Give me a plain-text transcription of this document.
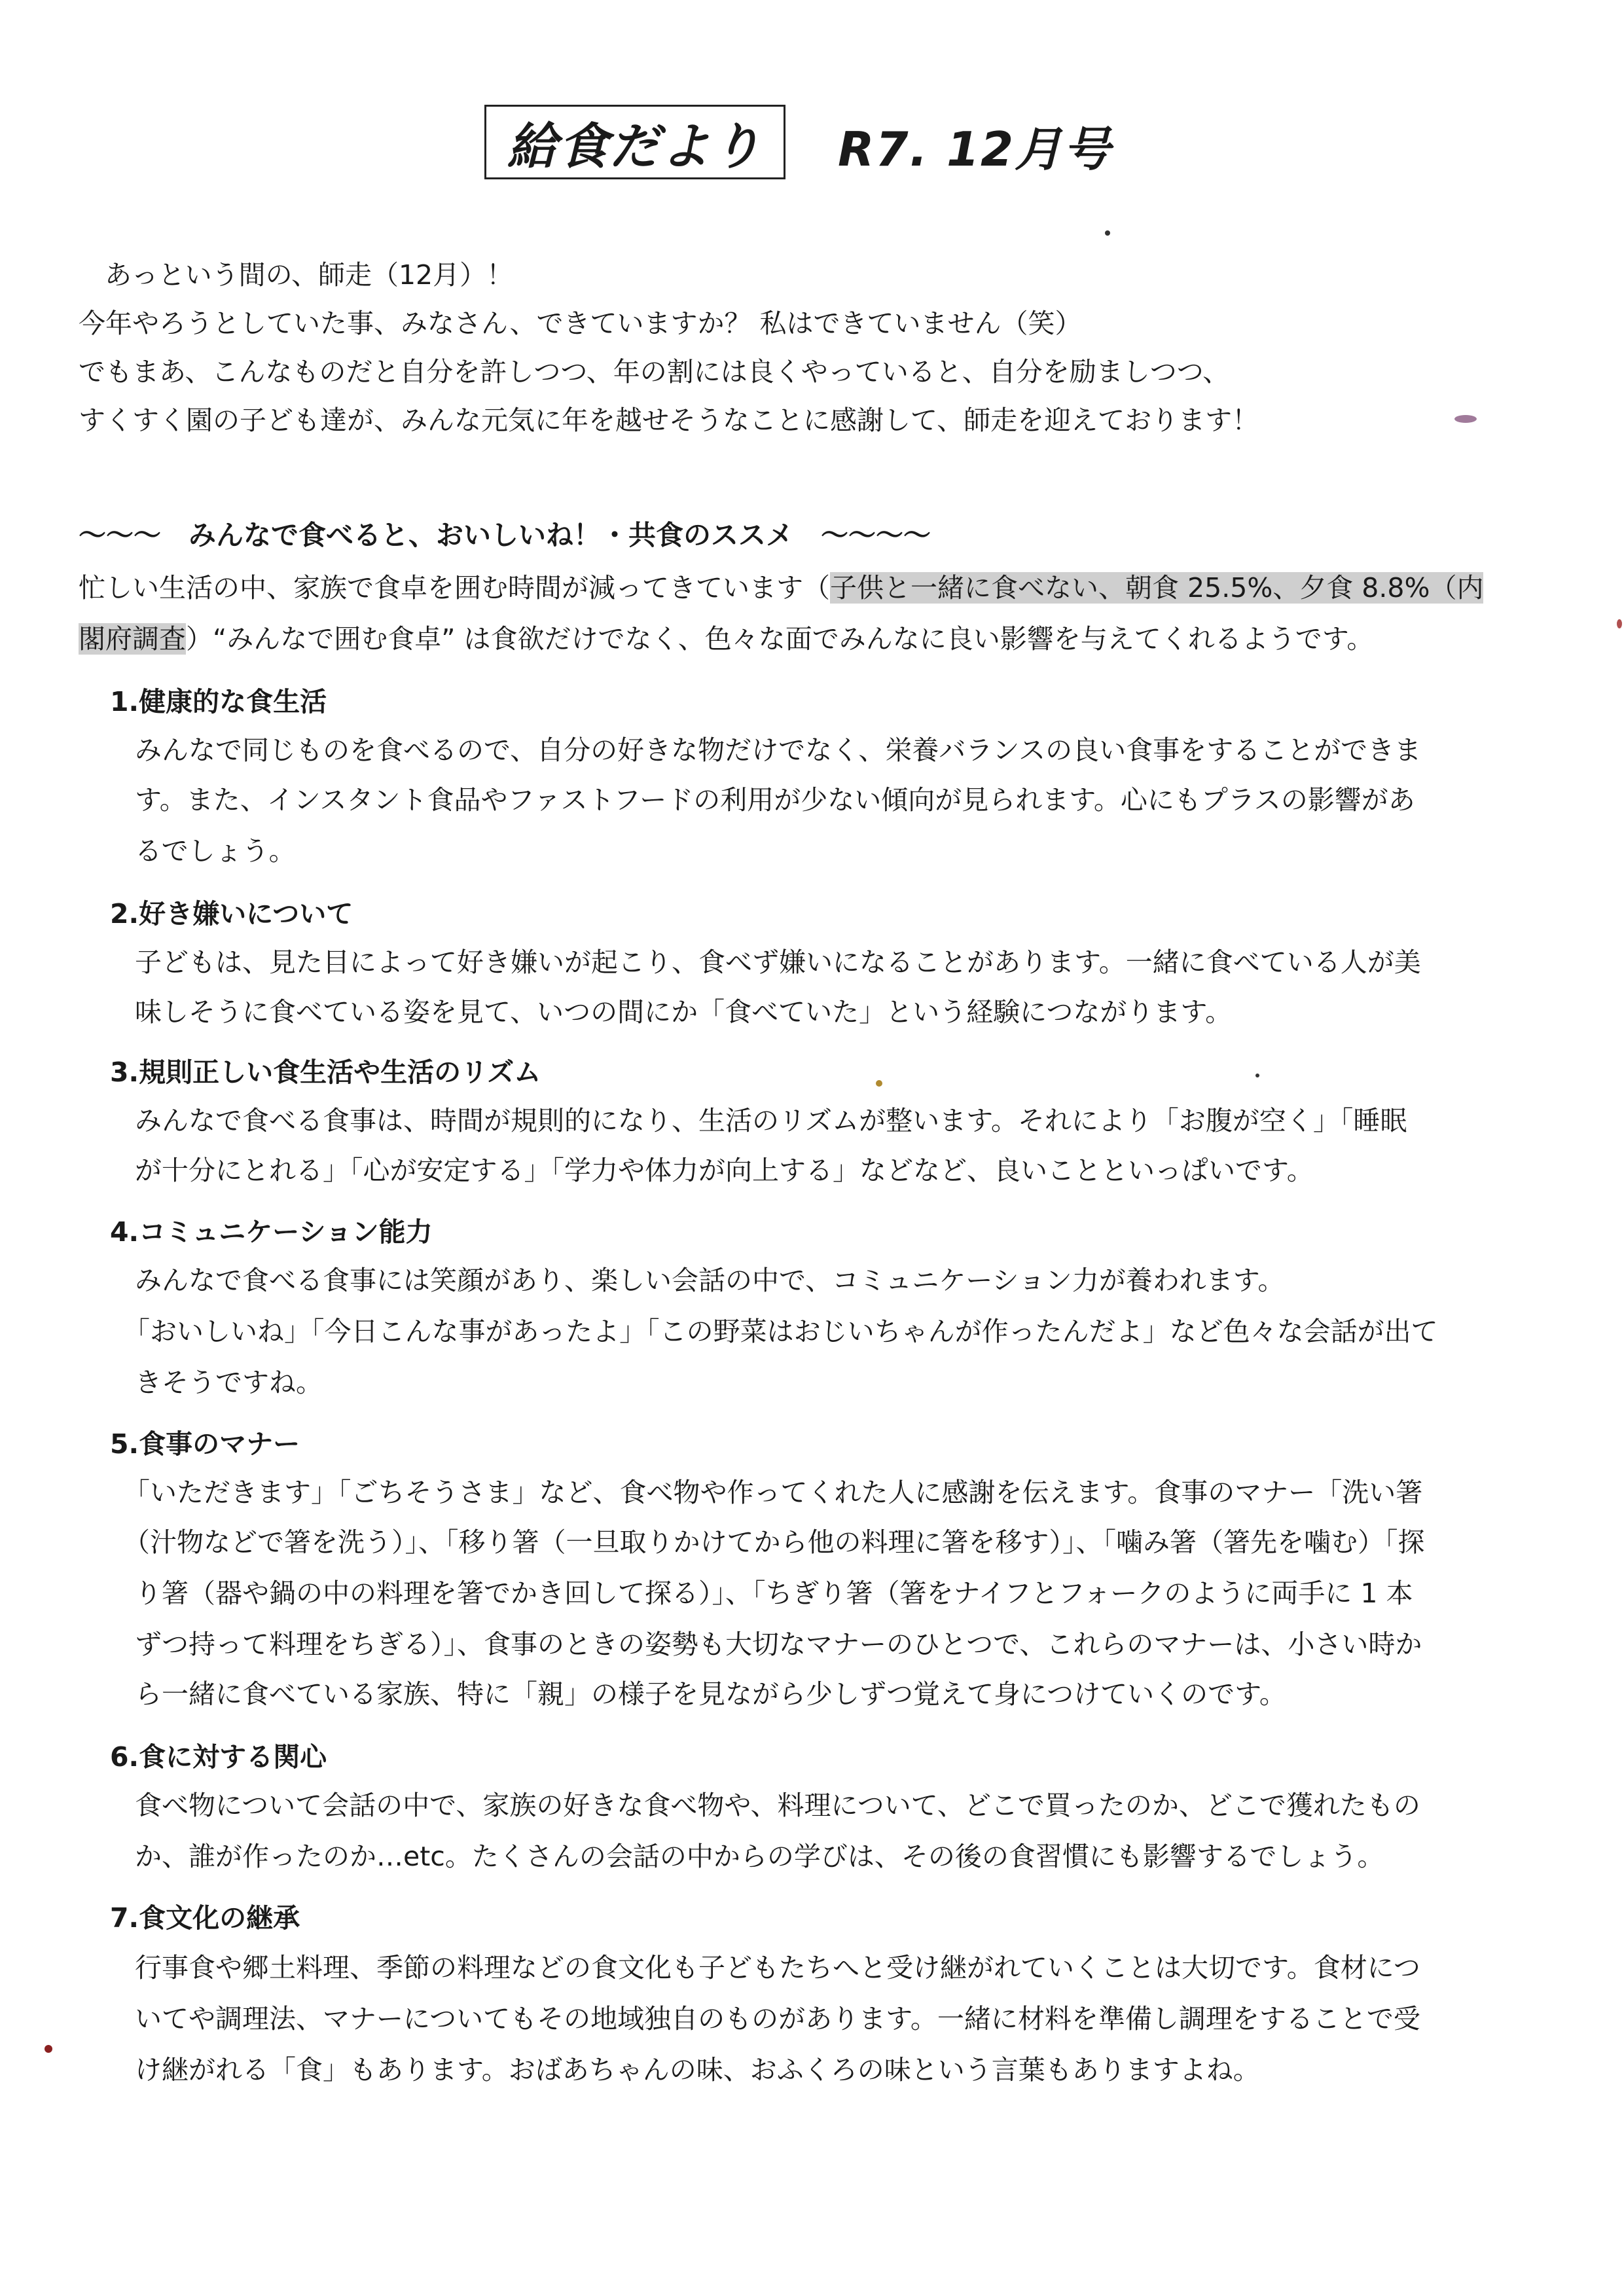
給食だより	R7. 12月号
あっという間の、師走（12月）！
今年やろうとしていた事、みなさん、できていますか？ 私はできていません（笑）
でもまあ、こんなものだと自分を許しつつ、年の割には良くやっていると、自分を励ましつつ、
すくすく園の子ども達が、みんな元気に年を越せそうなことに感謝して、師走を迎えております！
～～～　みんなで食べると、おいしいね！・共食のススメ　～～～～
忙しい生活の中、家族で食卓を囲む時間が減ってきています（子供と一緒に食べない、朝食 25.5%、夕食 8.8%（内
閣府調査）“みんなで囲む食卓” は食欲だけでなく、色々な面でみんなに良い影響を与えてくれるようです。
1.健康的な食生活
みんなで同じものを食べるので、自分の好きな物だけでなく、栄養バランスの良い食事をすることができま
す。また、インスタント食品やファストフードの利用が少ない傾向が見られます。心にもプラスの影響があ
るでしょう。
2.好き嫌いについて
子どもは、見た目によって好き嫌いが起こり、食べず嫌いになることがあります。一緒に食べている人が美
味しそうに食べている姿を見て、いつの間にか「食べていた」という経験につながります。
3.規則正しい食生活や生活のリズム
みんなで食べる食事は、時間が規則的になり、生活のリズムが整います。それにより「お腹が空く」「睡眠
が十分にとれる」「心が安定する」「学力や体力が向上する」などなど、良いことといっぱいです。
4.コミュニケーション能力
みんなで食べる食事には笑顔があり、楽しい会話の中で、コミュニケーション力が養われます。
「おいしいね」「今日こんな事があったよ」「この野菜はおじいちゃんが作ったんだよ」など色々な会話が出て
きそうですね。
5.食事のマナー
「いただきます」「ごちそうさま」など、食べ物や作ってくれた人に感謝を伝えます。食事のマナー「洗い箸
（汁物などで箸を洗う）」、「移り箸（一旦取りかけてから他の料理に箸を移す）」、「噛み箸（箸先を噛む）「探
り箸（器や鍋の中の料理を箸でかき回して探る）」、「ちぎり箸（箸をナイフとフォークのように両手に 1 本
ずつ持って料理をちぎる）」、食事のときの姿勢も大切なマナーのひとつで、これらのマナーは、小さい時か
ら一緒に食べている家族、特に「親」の様子を見ながら少しずつ覚えて身につけていくのです。
6.食に対する関心
食べ物について会話の中で、家族の好きな食べ物や、料理について、どこで買ったのか、どこで獲れたもの
か、誰が作ったのか…etc。たくさんの会話の中からの学びは、その後の食習慣にも影響するでしょう。
7.食文化の継承
行事食や郷土料理、季節の料理などの食文化も子どもたちへと受け継がれていくことは大切です。食材につ
いてや調理法、マナーについてもその地域独自のものがあります。一緒に材料を準備し調理をすることで受
け継がれる「食」もあります。おばあちゃんの味、おふくろの味という言葉もありますよね。
